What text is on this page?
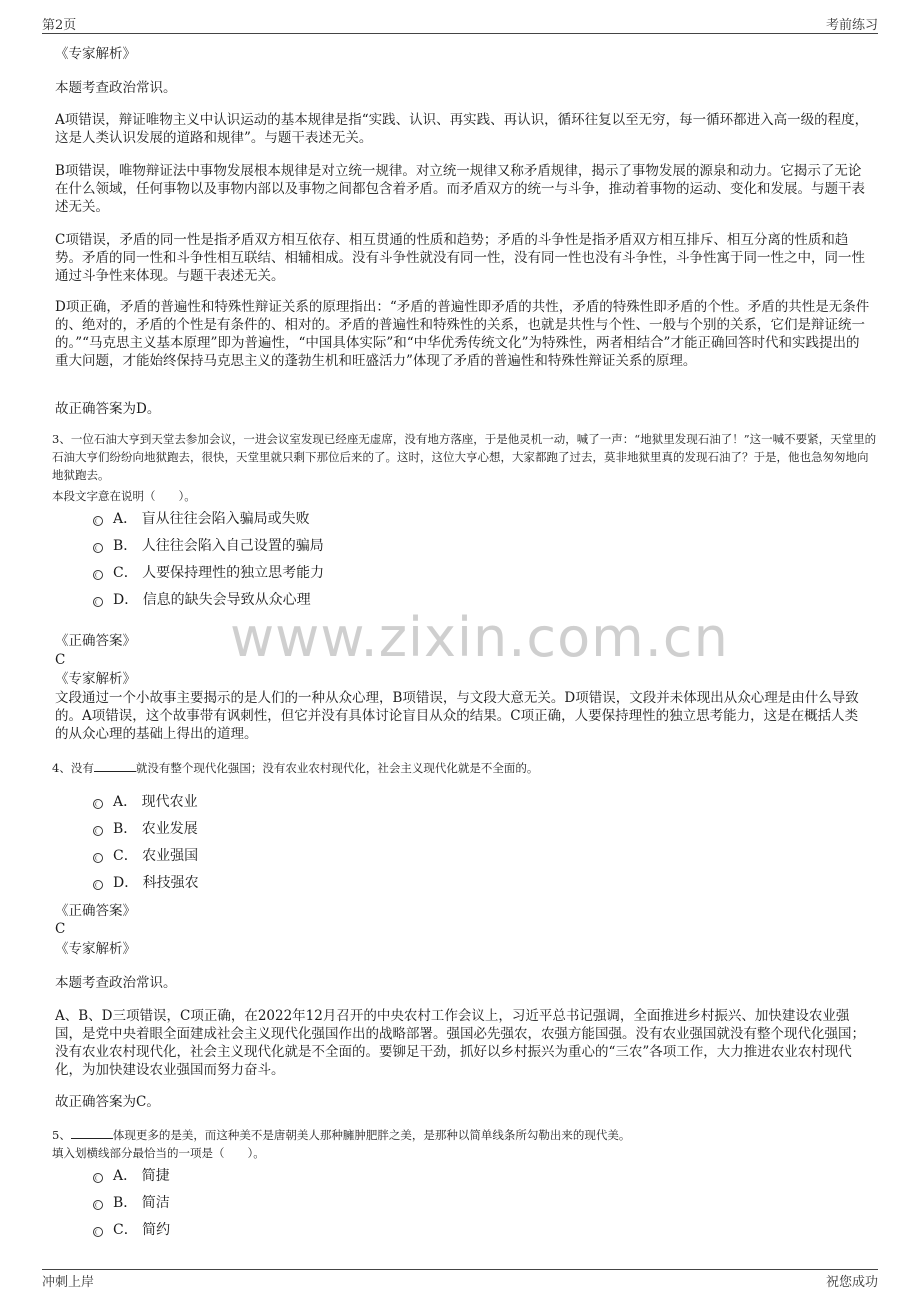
第2页	考前练习
www.zixin.com.cn
《专家解析》
本题考查政治常识。
A项错误，辩证唯物主义中认识运动的基本规律是指“实践、认识、再实践、再认识，循环往复以至无穷，每一循环都进入高一级的程度，这是人类认识发展的道路和规律”。与题干表述无关。
B项错误，唯物辩证法中事物发展根本规律是对立统一规律。对立统一规律又称矛盾规律，揭示了事物发展的源泉和动力。它揭示了无论在什么领域，任何事物以及事物内部以及事物之间都包含着矛盾。而矛盾双方的统一与斗争，推动着事物的运动、变化和发展。与题干表述无关。
C项错误，矛盾的同一性是指矛盾双方相互依存、相互贯通的性质和趋势；矛盾的斗争性是指矛盾双方相互排斥、相互分离的性质和趋势。矛盾的同一性和斗争性相互联结、相辅相成。没有斗争性就没有同一性，没有同一性也没有斗争性，斗争性寓于同一性之中，同一性通过斗争性来体现。与题干表述无关。
D项正确，矛盾的普遍性和特殊性辩证关系的原理指出：“矛盾的普遍性即矛盾的共性，矛盾的特殊性即矛盾的个性。矛盾的共性是无条件的、绝对的，矛盾的个性是有条件的、相对的。矛盾的普遍性和特殊性的关系，也就是共性与个性、一般与个别的关系，它们是辩证统一的。”“马克思主义基本原理”即为普遍性，“中国具体实际”和“中华优秀传统文化”为特殊性，两者相结合”才能正确回答时代和实践提出的重大问题，才能始终保持马克思主义的蓬勃生机和旺盛活力”体现了矛盾的普遍性和特殊性辩证关系的原理。
故正确答案为D。
3、一位石油大亨到天堂去参加会议，一进会议室发现已经座无虚席，没有地方落座，于是他灵机一动，喊了一声：“地狱里发现石油了！”这一喊不要紧，天堂里的石油大亨们纷纷向地狱跑去，很快，天堂里就只剩下那位后来的了。这时，这位大亨心想，大家都跑了过去，莫非地狱里真的发现石油了？于是，他也急匆匆地向地狱跑去。
本段文字意在说明（　　）。
A． 盲从往往会陷入骗局或失败
B． 人往往会陷入自己设置的骗局
C． 人要保持理性的独立思考能力
D． 信息的缺失会导致从众心理
《正确答案》
C
《专家解析》
文段通过一个小故事主要揭示的是人们的一种从众心理，B项错误，与文段大意无关。D项错误，文段并未体现出从众心理是由什么导致的。A项错误，这个故事带有讽刺性，但它并没有具体讨论盲目从众的结果。C项正确，人要保持理性的独立思考能力，这是在概括人类的从众心理的基础上得出的道理。
4、没有	就没有整个现代化强国；没有农业农村现代化，社会主义现代化就是不全面的。
A． 现代农业
B． 农业发展
C． 农业强国
D． 科技强农
《正确答案》
C
《专家解析》
本题考查政治常识。
A、B、D三项错误，C项正确，在2022年12月召开的中央农村工作会议上，习近平总书记强调，全面推进乡村振兴、加快建设农业强国，是党中央着眼全面建成社会主义现代化强国作出的战略部署。强国必先强农，农强方能国强。没有农业强国就没有整个现代化强国；没有农业农村现代化，社会主义现代化就是不全面的。要铆足干劲，抓好以乡村振兴为重心的“三农”各项工作，大力推进农业农村现代化，为加快建设农业强国而努力奋斗。
故正确答案为C。
5、	体现更多的是美，而这种美不是唐朝美人那种臃肿肥胖之美，是那种以简单线条所勾勒出来的现代美。
填入划横线部分最恰当的一项是（　　）。
A． 简捷
B． 简洁
C． 简约
冲刺上岸	祝您成功
